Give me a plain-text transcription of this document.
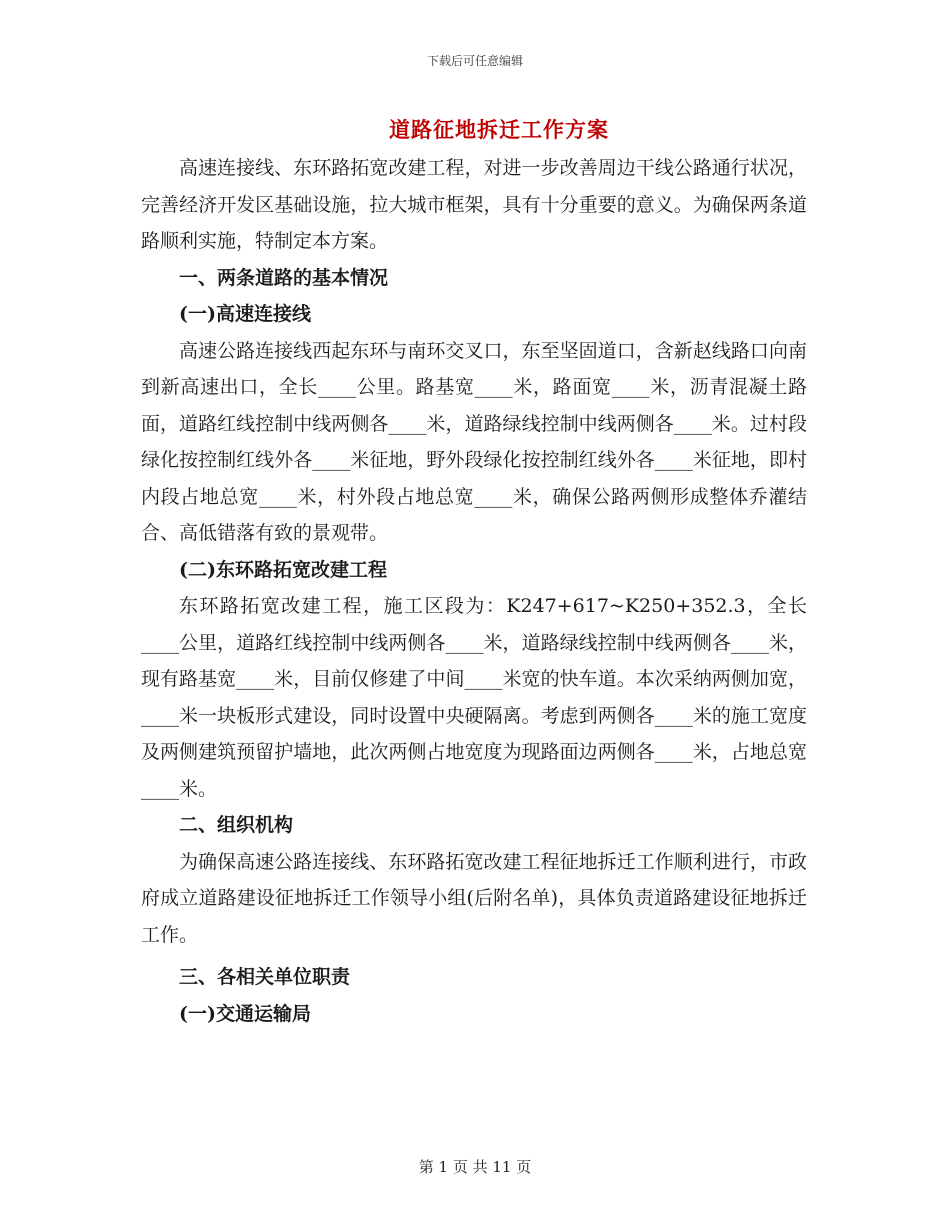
下载后可任意编辑
道路征地拆迁工作方案

高速连接线、东环路拓宽改建工程，对进一步改善周边干线公路通行状况，完善经济开发区基础设施，拉大城市框架，具有十分重要的意义。为确保两条道路顺利实施，特制定本方案。

一、两条道路的基本情况

(一)高速连接线

高速公路连接线西起东环与南环交叉口，东至坚固道口，含新赵线路口向南到新高速出口，全长____公里。路基宽____米，路面宽____米，沥青混凝土路面，道路红线控制中线两侧各____米，道路绿线控制中线两侧各____米。过村段绿化按控制红线外各____米征地，野外段绿化按控制红线外各____米征地，即村内段占地总宽____米，村外段占地总宽____米，确保公路两侧形成整体乔灌结合、高低错落有致的景观带。

(二)东环路拓宽改建工程

东环路拓宽改建工程，施工区段为：K247+617~K250+352.3，全长____公里，道路红线控制中线两侧各____米，道路绿线控制中线两侧各____米，现有路基宽____米，目前仅修建了中间____米宽的快车道。本次采纳两侧加宽，____米一块板形式建设，同时设置中央硬隔离。考虑到两侧各____米的施工宽度及两侧建筑预留护墙地，此次两侧占地宽度为现路面边两侧各____米，占地总宽____米。

二、组织机构

为确保高速公路连接线、东环路拓宽改建工程征地拆迁工作顺利进行，市政府成立道路建设征地拆迁工作领导小组(后附名单)，具体负责道路建设征地拆迁工作。

三、各相关单位职责

(一)交通运输局

第 1 页 共 11 页
